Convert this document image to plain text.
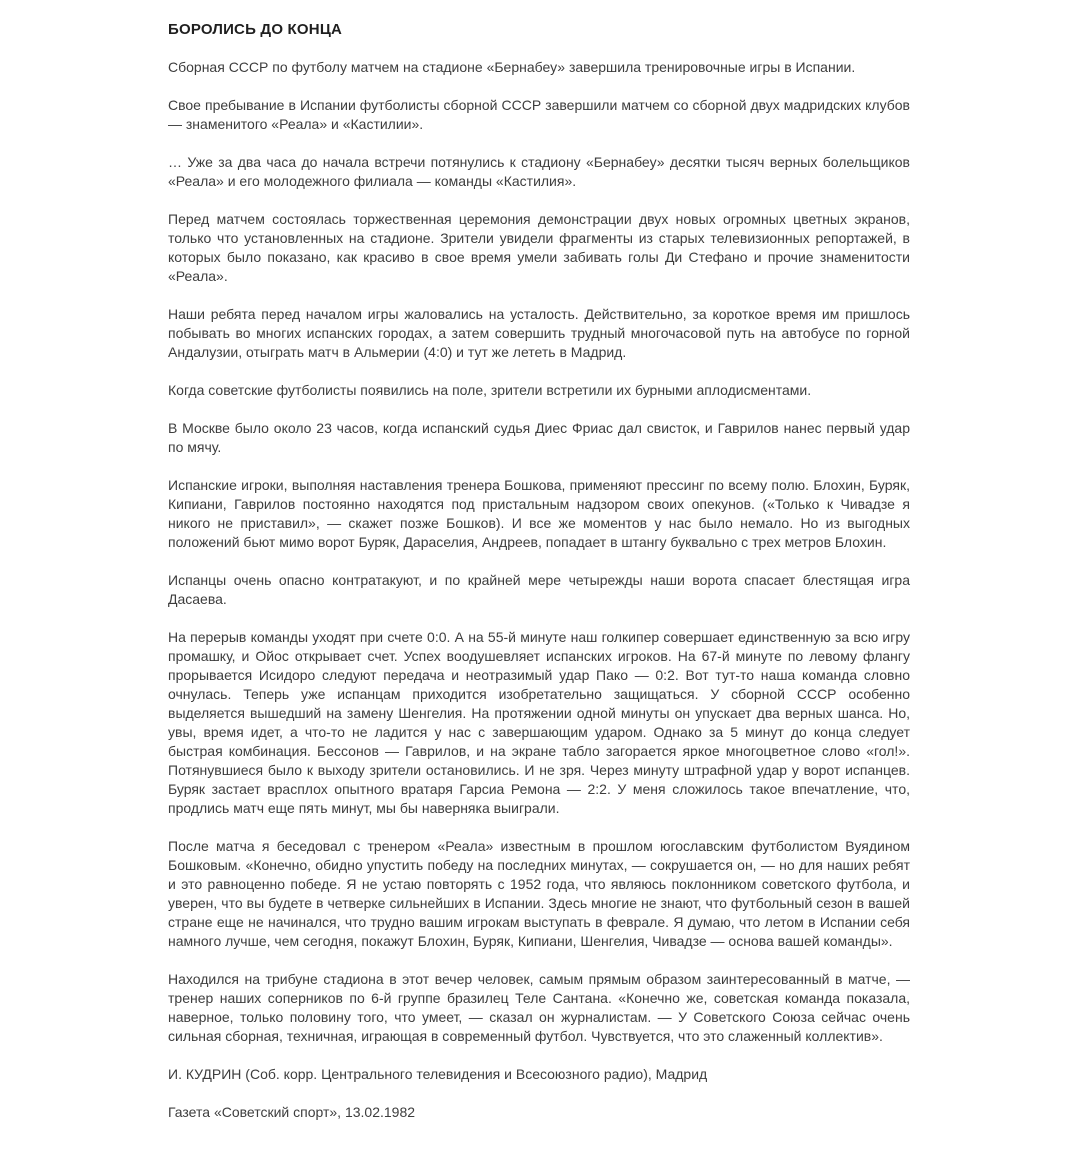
БОРОЛИСЬ ДО КОНЦА

Сборная СССР по футболу матчем на стадионе «Бернабеу» завершила тренировочные игры в Испании.

Свое пребывание в Испании футболисты сборной СССР завершили матчем со сборной двух мадридских клубов — знаменитого «Реала» и «Кастилии».

… Уже за два часа до начала встречи потянулись к стадиону «Бернабеу» десятки тысяч верных болельщиков «Реала» и его молодежного филиала — команды «Кастилия».

Перед матчем состоялась торжественная церемония демонстрации двух новых огромных цветных экранов, только что установленных на стадионе. Зрители увидели фрагменты из старых телевизионных репортажей, в которых было показано, как красиво в свое время умели забивать голы Ди Стефано и прочие знаменитости «Реала».

Наши ребята перед началом игры жаловались на усталость. Действительно, за короткое время им пришлось побывать во многих испанских городах, а затем совершить трудный многочасовой путь на автобусе по горной Андалузии, отыграть матч в Альмерии (4:0) и тут же лететь в Мадрид.

Когда советские футболисты появились на поле, зрители встретили их бурными аплодисментами.

В Москве было около 23 часов, когда испанский судья Диес Фриас дал свисток, и Гаврилов нанес первый удар по мячу.

Испанские игроки, выполняя наставления тренера Бошкова, применяют прессинг по всему полю. Блохин, Буряк, Кипиани, Гаврилов постоянно находятся под пристальным надзором своих опекунов. («Только к Чивадзе я никого не приставил», — скажет позже Бошков). И все же моментов у нас было немало. Но из выгодных положений бьют мимо ворот Буряк, Дараселия, Андреев, попадает в штангу буквально с трех метров Блохин.

Испанцы очень опасно контратакуют, и по крайней мере четырежды наши ворота спасает блестящая игра Дасаева.

На перерыв команды уходят при счете 0:0. А на 55-й минуте наш голкипер совершает единственную за всю игру промашку, и Ойос открывает счет. Успех воодушевляет испанских игроков. На 67-й минуте по левому флангу прорывается Исидоро следуют передача и неотразимый удар Пако — 0:2. Вот тут-то наша команда словно очнулась. Теперь уже испанцам приходится изобретательно защищаться. У сборной СССР особенно выделяется вышедший на замену Шенгелия. На протяжении одной минуты он упускает два верных шанса. Но, увы, время идет, а что-то не ладится у нас с завершающим ударом. Однако за 5 минут до конца следует быстрая комбинация. Бессонов — Гаврилов, и на экране табло загорается яркое многоцветное слово «гол!». Потянувшиеся было к выходу зрители остановились. И не зря. Через минуту штрафной удар у ворот испанцев. Буряк застает врасплох опытного вратаря Гарсиа Ремона — 2:2. У меня сложилось такое впечатление, что, продлись матч еще пять минут, мы бы наверняка выиграли.

После матча я беседовал с тренером «Реала» известным в прошлом югославским футболистом Вуядином Бошковым. «Конечно, обидно упустить победу на последних минутах, — сокрушается он, — но для наших ребят и это равноценно победе. Я не устаю повторять с 1952 года, что являюсь поклонником советского футбола, и уверен, что вы будете в четверке сильнейших в Испании. Здесь многие не знают, что футбольный сезон в вашей стране еще не начинался, что трудно вашим игрокам выступать в феврале. Я думаю, что летом в Испании себя намного лучше, чем сегодня, покажут Блохин, Буряк, Кипиани, Шенгелия, Чивадзе — основа вашей команды».

Находился на трибуне стадиона в этот вечер человек, самым прямым образом заинтересованный в матче, — тренер наших соперников по 6-й группе бразилец Теле Сантана. «Конечно же, советская команда показала, наверное, только половину того, что умеет, — сказал он журналистам. — У Советского Союза сейчас очень сильная сборная, техничная, играющая в современный футбол. Чувствуется, что это слаженный коллектив».

И. КУДРИН (Соб. корр. Центрального телевидения и Всесоюзного радио), Мадрид

Газета «Советский спорт», 13.02.1982
